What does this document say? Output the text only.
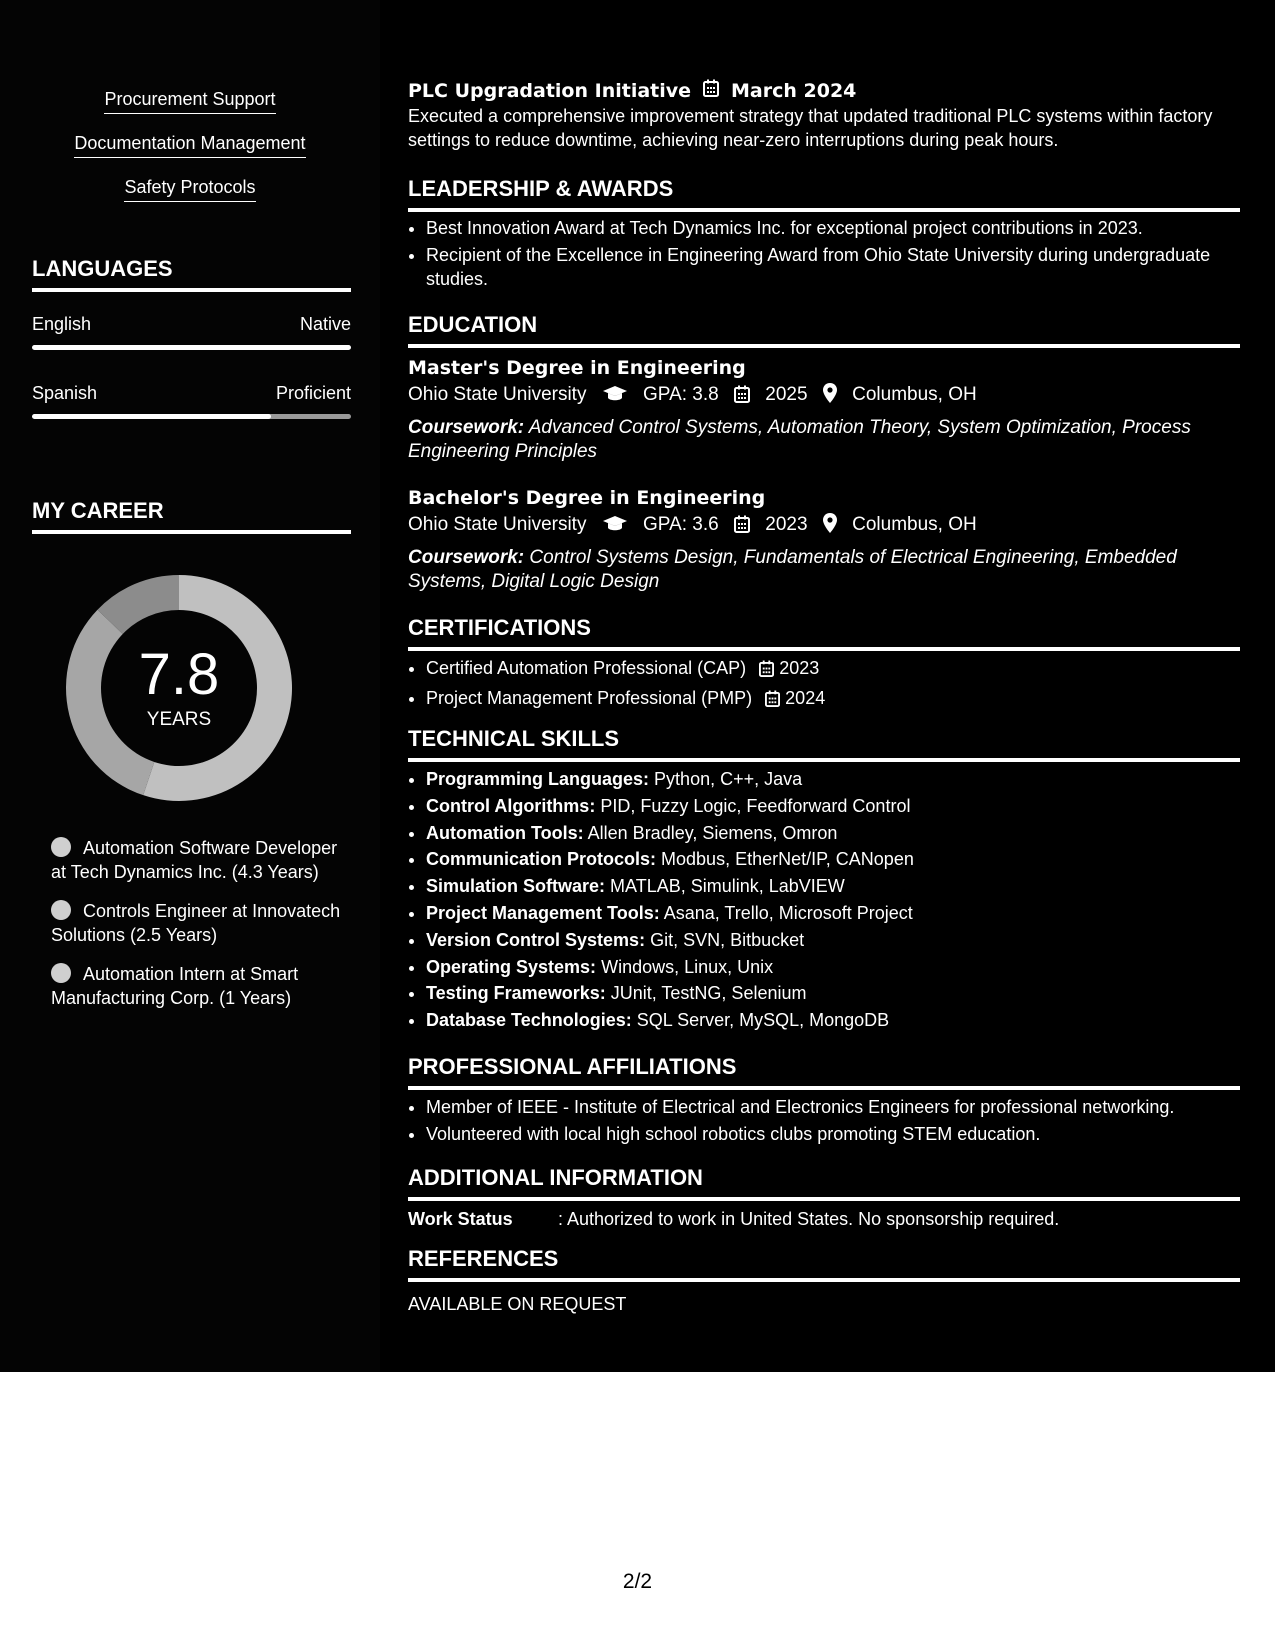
Procurement Support
Documentation Management
Safety Protocols
LANGUAGES
English	Native
Spanish	Proficient
MY CAREER
7.8
YEARS
Automation Software Developer at Tech Dynamics Inc. (4.3 Years)
Controls Engineer at Innovatech Solutions (2.5 Years)
Automation Intern at Smart Manufacturing Corp. (1 Years)
PLC Upgradation Initiative March 2024
Executed a comprehensive improvement strategy that updated traditional PLC systems within factory settings to reduce downtime, achieving near-zero interruptions during peak hours.
LEADERSHIP & AWARDS
• Best Innovation Award at Tech Dynamics Inc. for exceptional project contributions in 2023.
• Recipient of the Excellence in Engineering Award from Ohio State University during undergraduate studies.
EDUCATION
Master's Degree in Engineering
Ohio State University	GPA: 3.8 2025 Columbus, OH
Coursework: Advanced Control Systems, Automation Theory, System Optimization, Process Engineering Principles
Bachelor's Degree in Engineering
Ohio State University	GPA: 3.6 2023 Columbus, OH
Coursework: Control Systems Design, Fundamentals of Electrical Engineering, Embedded Systems, Digital Logic Design
CERTIFICATIONS
• Certified Automation Professional (CAP) 2023
• Project Management Professional (PMP) 2024
TECHNICAL SKILLS
• Programming Languages: Python, C++, Java
• Control Algorithms: PID, Fuzzy Logic, Feedforward Control
• Automation Tools: Allen Bradley, Siemens, Omron
• Communication Protocols: Modbus, EtherNet/IP, CANopen
• Simulation Software: MATLAB, Simulink, LabVIEW
• Project Management Tools: Asana, Trello, Microsoft Project
• Version Control Systems: Git, SVN, Bitbucket
• Operating Systems: Windows, Linux, Unix
• Testing Frameworks: JUnit, TestNG, Selenium
• Database Technologies: SQL Server, MySQL, MongoDB
PROFESSIONAL AFFILIATIONS
• Member of IEEE - Institute of Electrical and Electronics Engineers for professional networking.
• Volunteered with local high school robotics clubs promoting STEM education.
ADDITIONAL INFORMATION
Work Status	: Authorized to work in United States. No sponsorship required.
REFERENCES
AVAILABLE ON REQUEST
2/2
